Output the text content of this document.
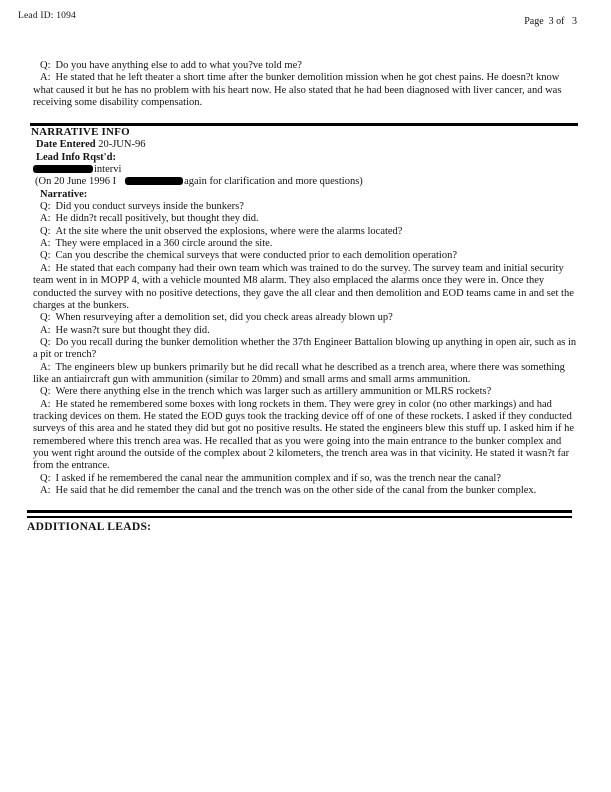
Lead ID: 1094	Page  3 of   3

Q: Do you have anything else to add to what you?ve told me?

A: He stated that he left theater a short time after the bunker demolition mission when he got chest pains. He doesn?t know what caused it but he has no problem with his heart now. He also stated that he had been diagnosed with liver cancer, and was receiving some disability compensation.

NARRATIVE INFO
Date Entered 20-JUN-96
Lead Info Rqst'd:
intervi
(On 20 June 1996 I	again for clarification and more questions)
Narrative:

Q: Did you conduct surveys inside the bunkers?

A: He didn?t recall positively, but thought they did.

Q: At the site where the unit observed the explosions, where were the alarms located?

A: They were emplaced in a 360 circle around the site.

Q: Can you describe the chemical surveys that were conducted prior to each demolition operation?

A: He stated that each company had their own team which was trained to do the survey. The survey team and initial security team went in in MOPP 4, with a vehicle mounted M8 alarm. They also emplaced the alarms once they were in. Once they conducted the survey with no positive detections, they gave the all clear and then demolition and EOD teams came in and set the charges at the bunkers.

Q: When resurveying after a demolition set, did you check areas already blown up?

A: He wasn?t sure but thought they did.

Q: Do you recall during the bunker demolition whether the 37th Engineer Battalion blowing up anything in open air, such as in a pit or trench?

A: The engineers blew up bunkers primarily but he did recall what he described as a trench area, where there was something like an antiaircraft gun with ammunition (similar to 20mm) and small arms and small arms ammunition.

Q: Were there anything else in the trench which was larger such as artillery ammunition or MLRS rockets?

A: He stated he remembered some boxes with long rockets in them. They were grey in color (no other markings) and had tracking devices on them. He stated the EOD guys took the tracking device off of one of these rockets. I asked if they conducted surveys of this area and he stated they did but got no positive results. He stated the engineers blew this stuff up. I asked him if he remembered where this trench area was. He recalled that as you were going into the main entrance to the bunker complex and you went right around the outside of the complex about 2 kilometers, the trench area was in that vicinity. He stated it wasn?t far from the entrance.

Q: I asked if he remembered the canal near the ammunition complex and if so, was the trench near the canal?

A: He said that he did remember the canal and the trench was on the other side of the canal from the bunker complex.

ADDITIONAL LEADS:
